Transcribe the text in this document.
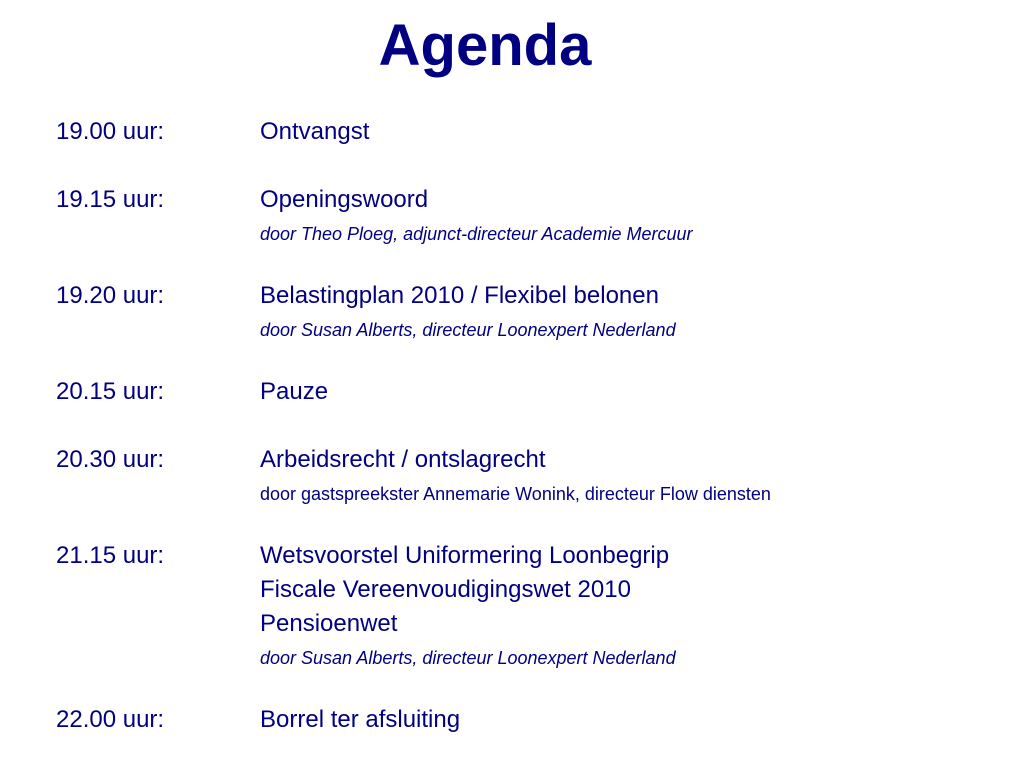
Agenda
19.00 uur:	Ontvangst
19.15 uur:	Openingswoord
door Theo Ploeg, adjunct-directeur Academie Mercuur
19.20 uur:	Belastingplan 2010 / Flexibel belonen
door Susan Alberts, directeur Loonexpert Nederland
20.15 uur:	Pauze
20.30 uur:	Arbeidsrecht / ontslagrecht
door gastspreekster Annemarie Wonink, directeur Flow diensten
21.15 uur:	Wetsvoorstel Uniformering Loonbegrip
Fiscale Vereenvoudigingswet 2010
Pensioenwet
door Susan Alberts, directeur Loonexpert Nederland
22.00 uur:	Borrel ter afsluiting
